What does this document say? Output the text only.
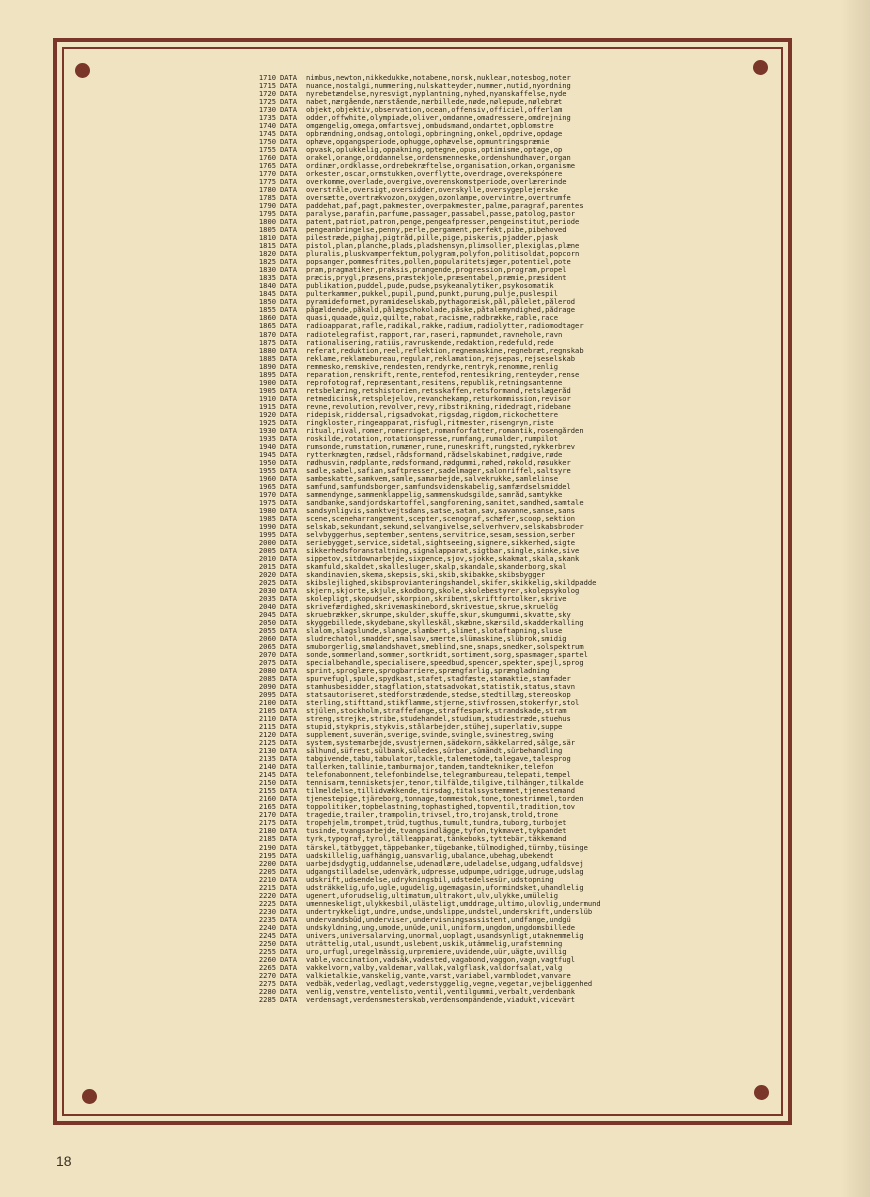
1710 DATA nimbus,newton,nikkedukke,notabene,norsk,nuklear,notesbog,noter
1715 DATA nuance,nostalgi,nummering,nulskatteyder,nummer,nutid,nyordning
1720 DATA nyrebetændelse,nyresvigt,nyplantning,nyhed,nyanskaffelse,nyde
1725 DATA nabet,nærgående,nærstående,nærbillede,nøde,nølepude,nølebræt
1730 DATA objekt,objektiv,observation,ocean,offensiv,officiel,offerlam
1735 DATA odder,offwhite,olympiade,oliver,omdanne,omadressere,omdrejning
1740 DATA omgængelig,omega,omfartsvej,ombudsmand,ondartet,opblomstre
1745 DATA opbrændning,ondsag,ontologi,opbringning,onkel,opdrive,opdage
1750 DATA ophæve,opgangsperiode,ophugge,ophævelse,opmuntringspræmie
1755 DATA opvask,oplukkelig,oppakning,optegne,opus,optimisme,optage,op
1760 DATA orakel,orange,orddannelse,ordensmenneske,ordenshundhaver,organ
1765 DATA ordinær,ordklasse,ordrebekræftelse,organisation,orkan,organisme
1770 DATA orkester,oscar,ormstukken,overflytte,overdrage,overekspónere
1775 DATA overkomme,overlade,overgive,overenskomstperiode,overlærerinde
1780 DATA overstråle,oversigt,oversidder,overskylle,oversygeplejerske
1785 DATA oversætte,overtrækvozon,oxygen,ozonlampe,overvintre,overtrumfe
1790 DATA paddehat,paf,pagt,pakmester,overpakmester,palme,paragraf,parentes
1795 DATA paralyse,parafin,parfume,passager,passabel,passe,patolog,pastor
1800 DATA patent,patriot,patron,penge,pengeafpresser,pengeinstitut,periode
1805 DATA pengeanbringelse,penny,perle,pergament,perfekt,pibe,pibehoved
1810 DATA pilestræde,pighaj,pigtråd,pille,pige,piskeris,pjadder,pjask
1815 DATA pistol,plan,planche,plads,pladshensyn,plimsoller,plexiglas,plæne
1820 DATA pluralis,pluskvamperfektum,polygram,polyfon,politisoldat,popcorn
1825 DATA popsanger,pommesfrites,pollen,popularitetsjæger,potentiel,pote
1830 DATA pram,pragmatiker,praksis,prangende,progression,program,propel
1835 DATA præcis,prygl,præsens,præstekjole,præsentabel,præmie,præsident
1840 DATA publikation,puddel,pude,pudse,psykeanalytiker,psykosomatik
1845 DATA pulterkammer,pukkel,pupil,pund,punkt,purung,pulje,puslespil
1850 DATA pyramideformet,pyramideselskab,pythagoræisk,pål,pålelet,pålerod
1855 DATA pågældende,påkald,pålægschokolade,påske,påtalemyndighed,pådrage
1860 DATA quasi,quaade,quiz,quilte,rabat,racisme,radbrække,rable,race
1865 DATA radioapparat,rafle,radikal,rakke,radium,radiolytter,radiomodtager
1870 DATA radiotelegrafist,rapport,rar,raseri,rapmundet,ravnehole,ravn
1875 DATA rationalisering,ratiüs,ravruskende,redaktion,redefuld,rede
1880 DATA referat,reduktion,reel,reflektion,regnemaskine,regnebræt,regnskab
1885 DATA reklame,reklamebureau,regular,reklamation,rejsepas,rejseselskab
1890 DATA remmesko,remskive,rendesten,rendyrke,rentryk,renomme,renlig
1895 DATA reparation,renskrift,rente,rentefod,rentesikring,renteyder,rense
1900 DATA reprofotograf,repræsentant,resitens,republik,retningsantenne
1905 DATA retsbelæring,retshistorien,retsskaffen,retsformand,retslægeråd
1910 DATA retmedicinsk,retsplejelov,revanchekamp,returkommission,revisor
1915 DATA revne,revolution,revolver,revy,ribstrikning,ridedragt,ridebane
1920 DATA ridepisk,riddersal,rigsadvokat,rigsdag,rigdom,rickochettere
1925 DATA ringkloster,ringeapparat,risfugl,ritmester,risengryn,riste
1930 DATA ritual,rival,romer,romerriget,romanforfatter,romantik,rosengården
1935 DATA roskilde,rotation,rotationspresse,rumfang,rumalder,rumpilot
1940 DATA rumsonde,rumstation,rumæner,rune,runeskrift,rungsted,rykkerbrev
1945 DATA rytterknægten,rædsel,rådsformand,rådselskabinet,rødgive,røde
1950 DATA rødhusvin,rødplante,rødsformand,rødgummi,røhed,røkold,røsukker
1955 DATA sadle,sabel,safian,saftpresser,sadelmager,salonriffel,saltsyre
1960 DATA sambeskatte,samkvem,samle,samarbejde,salvekrukke,samlelinse
1965 DATA samfund,samfundsborger,samfundsvidenskabelig,samfærdselsmiddel
1970 DATA sammendynge,sammenklappelig,sammenskudsgilde,samråd,samtykke
1975 DATA sandbanke,sandjordskartoffel,sangforening,sanitet,sandhed,samtale
1980 DATA sandsynligvis,sanktvejtsdans,satse,satan,sav,savanne,sanse,sans
1985 DATA scene,sceneharrangement,scepter,scenograf,schæfer,scoop,sektion
1990 DATA selskab,sekundant,sekund,selvangivelse,selverhverv,selskabsbroder
1995 DATA selvbyggerhus,september,sentens,servitrice,sesam,session,serber
2000 DATA seriebygget,service,sidetal,sightseeing,signere,sikkerhed,sigte
2005 DATA sikkerhedsforanstaltning,signalapparat,sigtbar,single,sinke,sive
2010 DATA sippetov,sitdownarbejde,sixpence,sjov,sjokke,skakmat,skala,skank
2015 DATA skamfuld,skaldet,skallesluger,skalp,skandale,skanderborg,skal
2020 DATA skandinavien,skema,skepsis,ski,skib,skibakke,skibsbygger
2025 DATA skibslejlighed,skibsprovianteringshandel,skifer,skikkelig,skildpadde
2030 DATA skjern,skjorte,skjule,skodborg,skole,skolebestyrer,skolepsykolog
2035 DATA skolepligt,skopudser,skorpion,skribent,skriftfortolker,skrive
2040 DATA skrivefærdighed,skrivemaskinebord,skrivestue,skrue,skruelög
2045 DATA skruebrækker,skrumpe,skulder,skuffe,skur,skumgummi,skvatte,sky
2050 DATA skyggebillede,skydebane,skylleskål,skæbne,skærsild,skadderkalling
2055 DATA slalom,slagslunde,slange,slambert,slimet,slotaftapning,sluse
2060 DATA sludrechatol,smadder,smalsav,smerte,slümaskine,slübrok,smidig
2065 DATA smuborgerlig,smølandshavet,smeblind,sne,snaps,snedker,solspektrum
2070 DATA sonde,sommerland,sommer,sortkridt,sortiment,sorg,spasmager,spartel
2075 DATA specialbehandle,specialisere,speedbud,spencer,spekter,spejl,sprog
2080 DATA sprint,sproglære,sprogbarriere,sprængfarlig,sprængladning
2085 DATA spurvefugl,spule,spydkast,stafet,stadfæste,stamaktie,stamfader
2090 DATA stamhusbesidder,stagflation,statsadvokat,statistik,status,stavn
2095 DATA statsautoriseret,stedforstrædende,stedse,stedtillæg,stereoskop
2100 DATA sterling,stifttand,stikflamme,stjerne,stivfrossen,stokerfyr,stol
2105 DATA stjülen,stockholm,straffefange,straffespark,strandskade,stram
2110 DATA streng,strejke,stribe,studehandel,studium,studiestræde,stuehus
2115 DATA stupid,stykpris,stykvis,stålarbejder,stühej,superlativ,suppe
2120 DATA supplement,suverän,sverige,svinde,svingle,svinestreg,swing
2125 DATA system,systemarbejde,svustjernen,sädekorn,säkkelarred,sälge,sär
2130 DATA sälhund,süfrest,sülbank,süledes,sürbar,sümändt,sürbehandling
2135 DATA tabgivende,tabu,tabulator,tackle,talemetode,talegave,talesprog
2140 DATA tallerken,tallinie,tamburmajor,tandem,tandtekniker,telefon
2145 DATA telefonabonnent,telefonbindelse,telegrambureau,telepati,tempel
2150 DATA tennisarm,tennisketsjer,tenor,tilfälde,tilgive,tilhänger,tilkalde
2155 DATA tilmeldelse,tillidvækkende,tirsdag,titalssystemmet,tjenestemand
2160 DATA tjenestepige,tjäreborg,tonnage,tommestok,tone,tonestrimmel,torden
2165 DATA toppolitiker,topbelastning,tophastighed,topventil,tradition,tov
2170 DATA tragedie,trailer,trampolin,trivsel,tro,trojansk,trold,trone
2175 DATA tropehjelm,trompet,trüd,tugthus,tumult,tundra,tuborg,turbojet
2180 DATA tusinde,tvangsarbejde,tvangsindlägge,tyfon,tykmavet,tykpandet
2185 DATA tyrk,typograf,tyrol,tälleapparat,tänkeboks,tyttebär,täkkemand
2190 DATA tärskel,tätbygget,täppebanker,tügebanke,tülmodighed,türnby,tüsinge
2195 DATA uadskillelig,uafhängig,uansvarlig,ubalance,ubehag,ubekendt
2200 DATA uarbejdsdygtig,uddannelse,udenadlære,udeladelse,udgang,udfaldsvej
2205 DATA udgangstilladelse,udenvärk,udpresse,udpumpe,udrigge,udruge,udslag
2210 DATA udskrift,udsendelse,udrykningsbil,udstedelsesür,udstopning
2215 DATA udsträkkelig,ufo,ugle,ugudelig,ugemagasin,uformindsket,uhandlelig
2220 DATA ugenert,uforudselig,ultimatum,ultrakort,ulv,ulykke,umülelig
2225 DATA umenneskeligt,ulykkesbil,ulästeligt,umddrage,ultimo,ulovlig,undermund
2230 DATA undertrykkeligt,undre,undse,undslippe,undstel,underskrift,underslüb
2235 DATA undervandsbüd,underviser,undervisningsassistent,undfange,undgü
2240 DATA undskyldning,ung,umode,unüde,unil,uniform,ungdom,ungdomsbillede
2245 DATA univers,universalarving,unormal,uoplagt,usandsynligt,utaknemmelig
2250 DATA uträttelig,utal,usundt,uslebent,uskik,utämmelig,urafstemning
2255 DATA uro,urfugl,uregelmässig,urpremiere,uvidende,uür,uägte,uvillig
2260 DATA vable,vaccination,vadsäk,vadested,vagabond,vaggon,vagn,vagtfugl
2265 DATA vakkelvorn,valby,valdemar,vallak,valgflask,valdorfsalat,valg
2270 DATA valkietalkie,vanskelig,vante,varst,variabel,varmblodet,vanvare
2275 DATA vedbäk,vederlag,vedlagt,vederstyggelig,vegne,vegetar,vejbeliggenhed
2280 DATA venlig,venstre,ventelisto,ventil,ventilgummi,verbalt,verdenbank
2285 DATA verdensagt,verdensmesterskab,verdensompändende,viadukt,vicevärt
18
